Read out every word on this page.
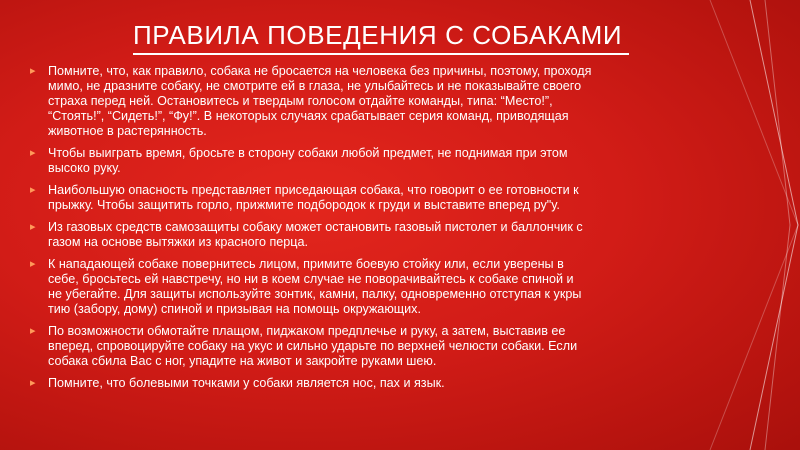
ПРАВИЛА ПОВЕДЕНИЯ С СОБАКАМИ
▸ Помните, что, как правило, собака не бросается на человека без причины, поэтому, проходя
мимо, не дразните собаку, не смотрите ей в глаза, не улыбайтесь и не показывайте своего
страха перед ней. Остановитесь и твердым голосом отдайте команды, типа: “Место!”,
“Стоять!”, “Сидеть!”, “Фу!”. В некоторых случаях срабатывает серия команд, приводящая
животное в растерянность.
▸ Чтобы выиграть время, бросьте в сторону собаки любой предмет, не поднимая при этом
высоко руку.
▸ Наибольшую опасность представляет приседающая собака, что говорит о ее готовности к
прыжку. Чтобы защитить горло, прижмите подбородок к груди и выставите вперед ру"у.
▸ Из газовых средств самозащиты собаку может остановить газовый пистолет и баллончик с
газом на основе вытяжки из красного перца.
▸ К нападающей собаке повернитесь лицом, примите боевую стойку или, если уверены в
себе, бросьтесь ей навстречу, но ни в коем случае не поворачивайтесь к собаке спиной и
не убегайте. Для защиты используйте зонтик, камни, палку, одновременно отступая к укры
тию (забору, дому) спиной и призывая на помощь окружающих.
▸ По возможности обмотайте плащом, пиджаком предплечье и руку, а затем, выставив ее
вперед, спровоцируйте собаку на укус и сильно ударьте по верхней челюсти собаки. Если
собака сбила Вас с ног, упадите на живот и закройте руками шею.
▸ Помните, что болевыми точками у собаки является нос, пах и язык.
